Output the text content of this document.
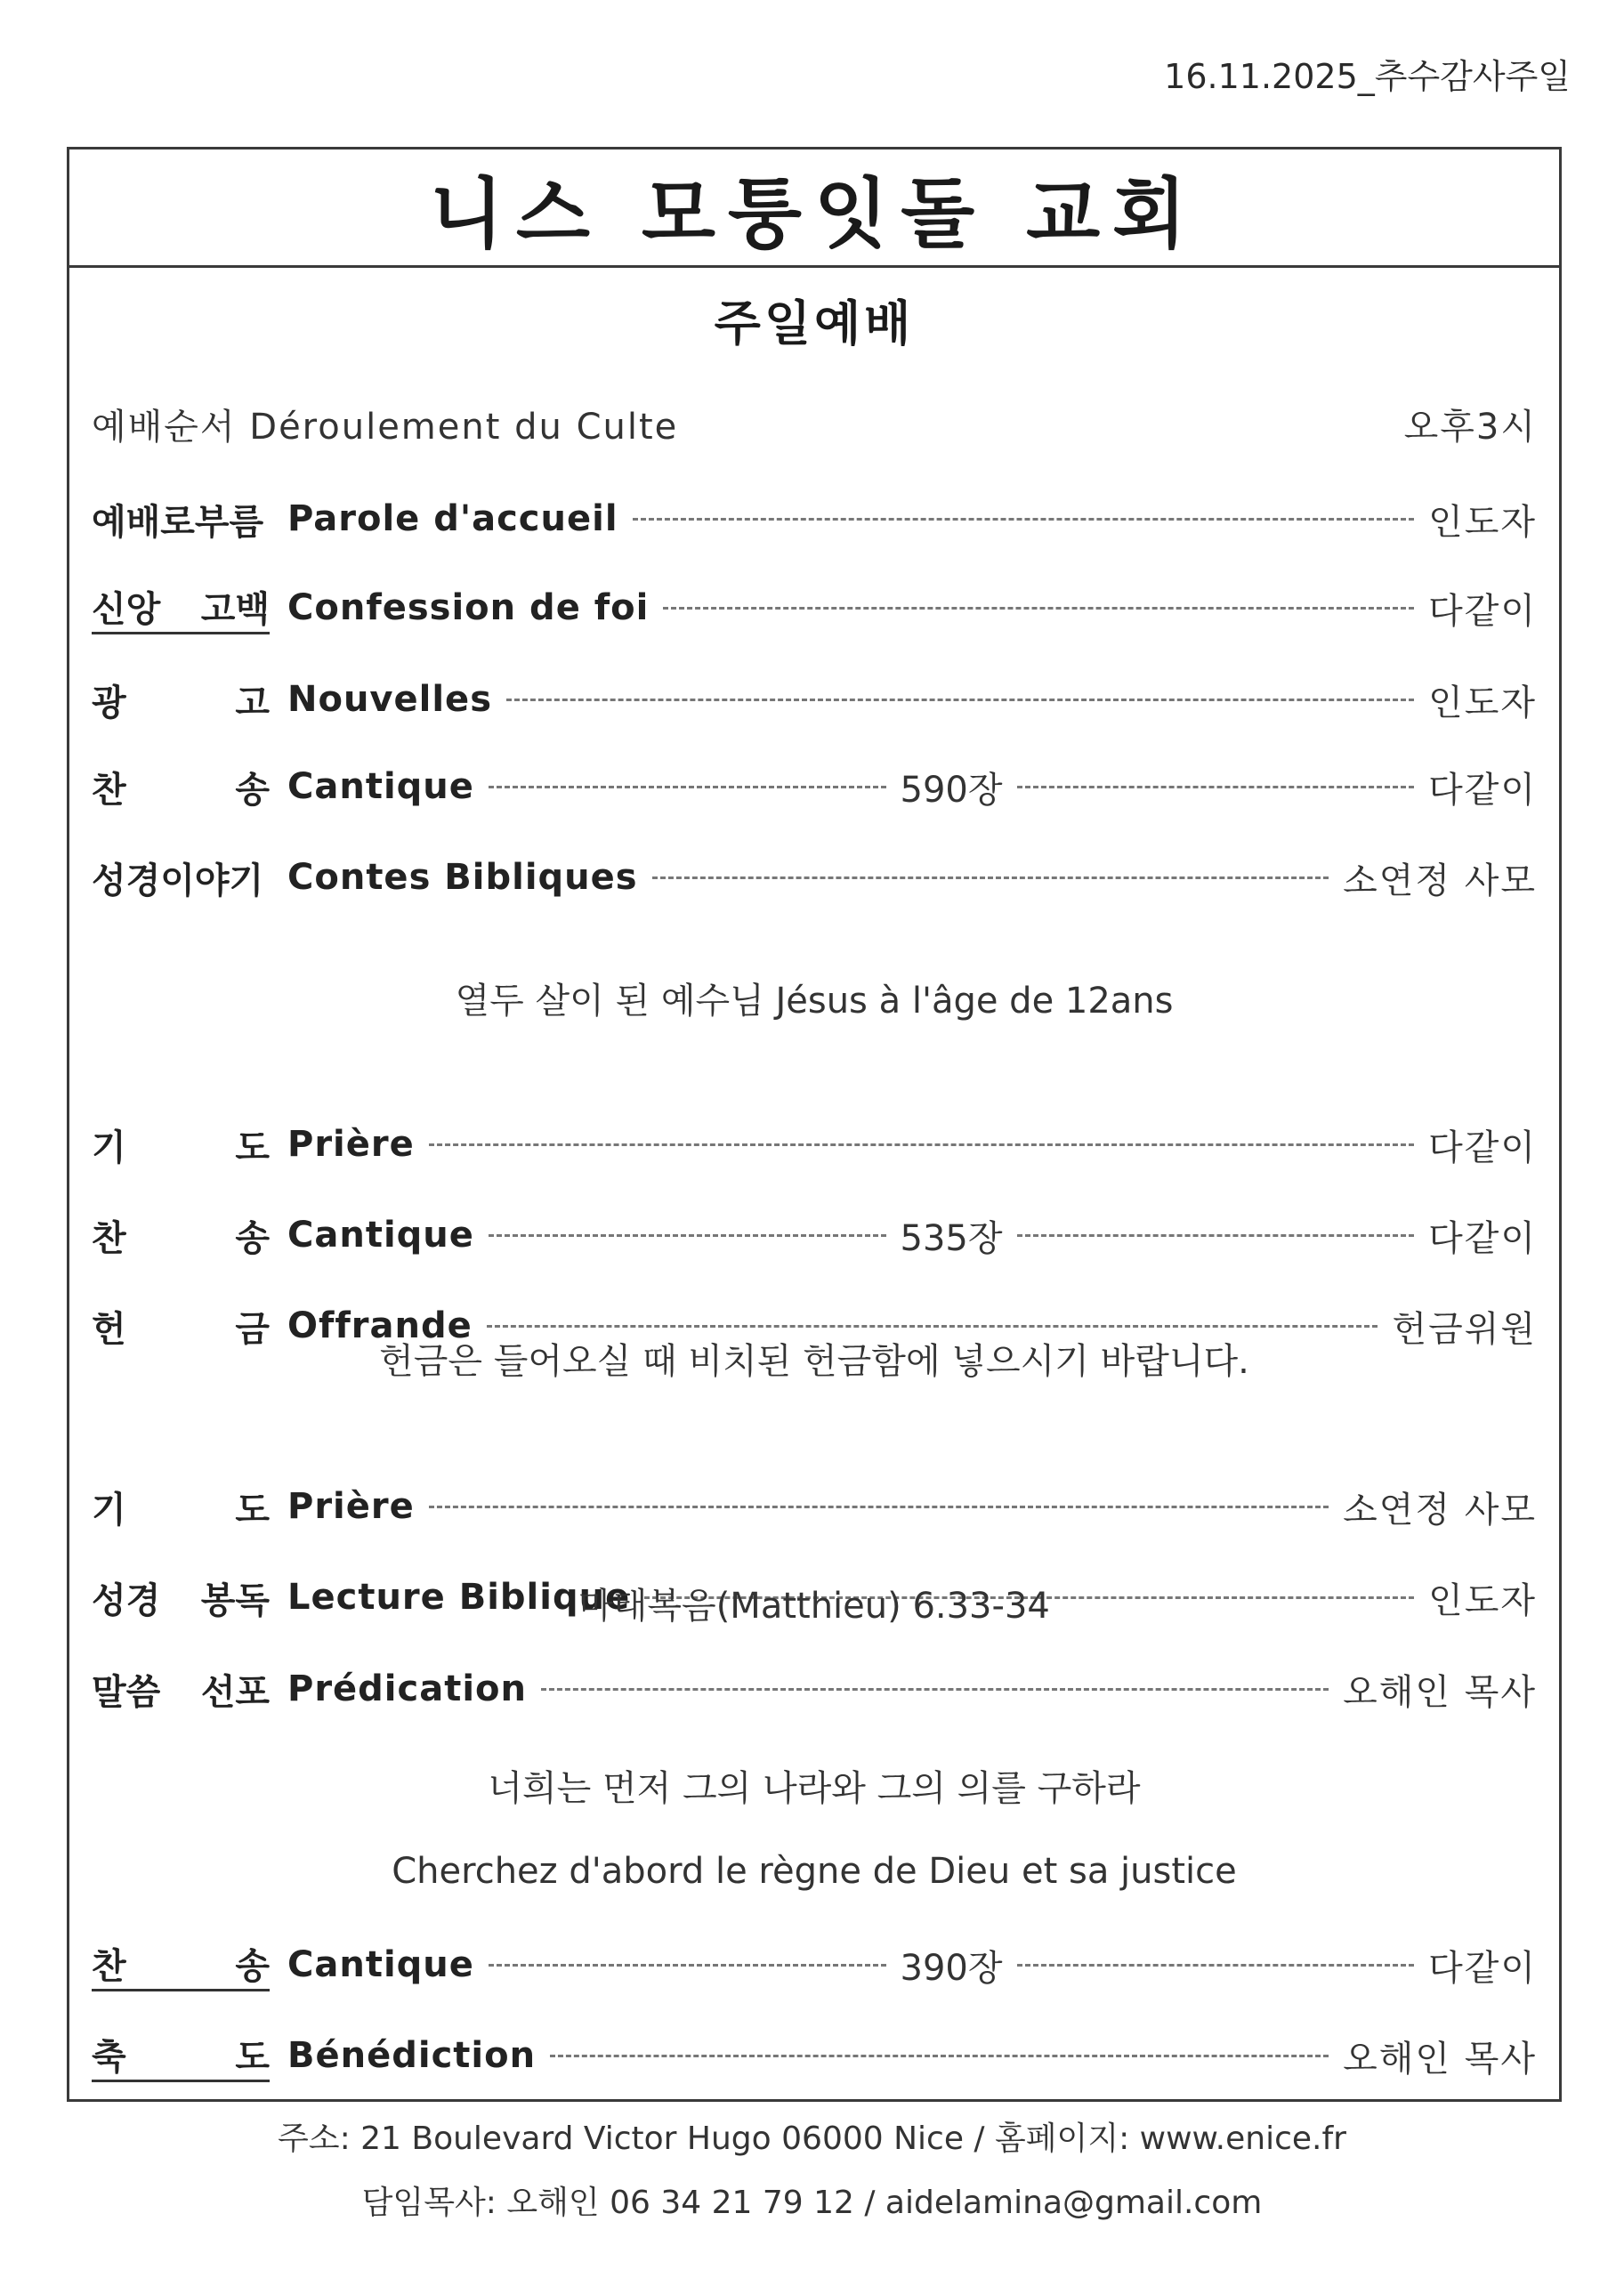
16.11.2025_추수감사주일
니스 모퉁잇돌 교회
주일예배
예배순서 Déroulement du Culte	오후3시
예배로부름 Parole d'accueil	인도자
신앙 고백 Confession de foi	다같이
광	고 Nouvelles	인도자
찬	송 Cantique	590장	다같이
성경이야기 Contes Bibliques	소연정 사모
기	도 Prière	다같이
찬	송 Cantique	535장	다같이
헌	금 Offrande	헌금위원
기	도 Prière	소연정 사모
성경 봉독 Lecture Biblique	인도자
말씀 선포 Prédication	오해인 목사
찬	송 Cantique	390장	다같이
축	도 Bénédiction	오해인 목사
열두 살이 된 예수님 Jésus à l'âge de 12ans
헌금은 들어오실 때 비치된 헌금함에 넣으시기 바랍니다.
마태복음(Matthieu) 6.33-34
너희는 먼저 그의 나라와 그의 의를 구하라
Cherchez d'abord le règne de Dieu et sa justice
주소: 21 Boulevard Victor Hugo 06000 Nice / 홈페이지: www.enice.fr
담임목사: 오해인 06 34 21 79 12 / aidelamina@gmail.com
